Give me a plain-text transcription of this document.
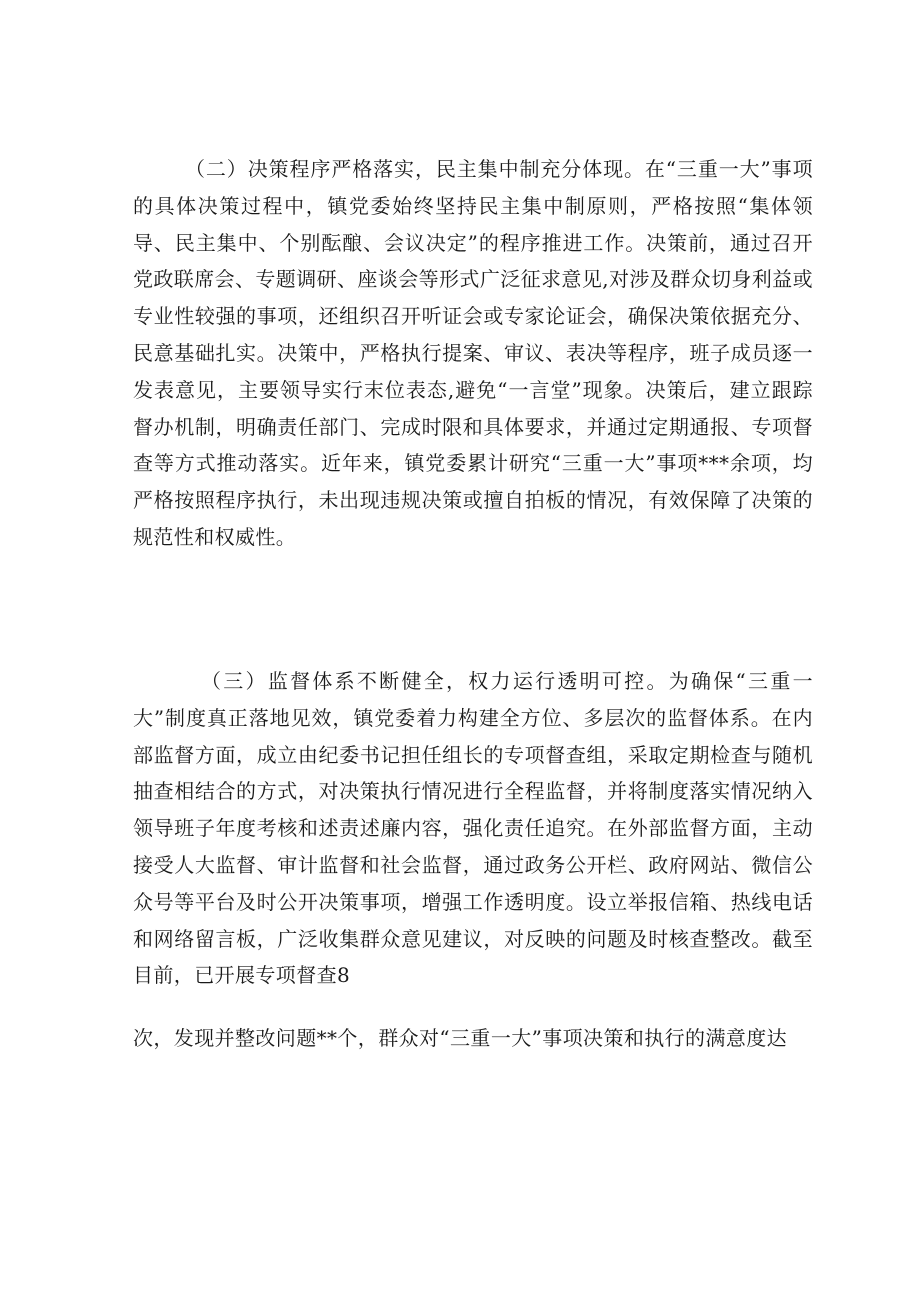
（二）决策程序严格落实，民主集中制充分体现。在“三重一大”事项的具体决策过程中，镇党委始终坚持民主集中制原则，严格按照“集体领导、民主集中、个别酝酿、会议决定”的程序推进工作。决策前，通过召开党政联席会、专题调研、座谈会等形式广泛征求意见,对涉及群众切身利益或专业性较强的事项，还组织召开听证会或专家论证会，确保决策依据充分、民意基础扎实。决策中，严格执行提案、审议、表决等程序，班子成员逐一发表意见，主要领导实行末位表态,避免“一言堂”现象。决策后，建立跟踪督办机制，明确责任部门、完成时限和具体要求，并通过定期通报、专项督查等方式推动落实。近年来，镇党委累计研究“三重一大”事项***余项，均严格按照程序执行，未出现违规决策或擅自拍板的情况，有效保障了决策的规范性和权威性。

（三）监督体系不断健全，权力运行透明可控。为确保“三重一大”制度真正落地见效，镇党委着力构建全方位、多层次的监督体系。在内部监督方面，成立由纪委书记担任组长的专项督查组，采取定期检查与随机抽查相结合的方式，对决策执行情况进行全程监督，并将制度落实情况纳入领导班子年度考核和述责述廉内容，强化责任追究。在外部监督方面，主动接受人大监督、审计监督和社会监督，通过政务公开栏、政府网站、微信公众号等平台及时公开决策事项，增强工作透明度。设立举报信箱、热线电话和网络留言板，广泛收集群众意见建议，对反映的问题及时核查整改。截至目前，已开展专项督查8

次，发现并整改问题**个，群众对“三重一大”事项决策和执行的满意度达
